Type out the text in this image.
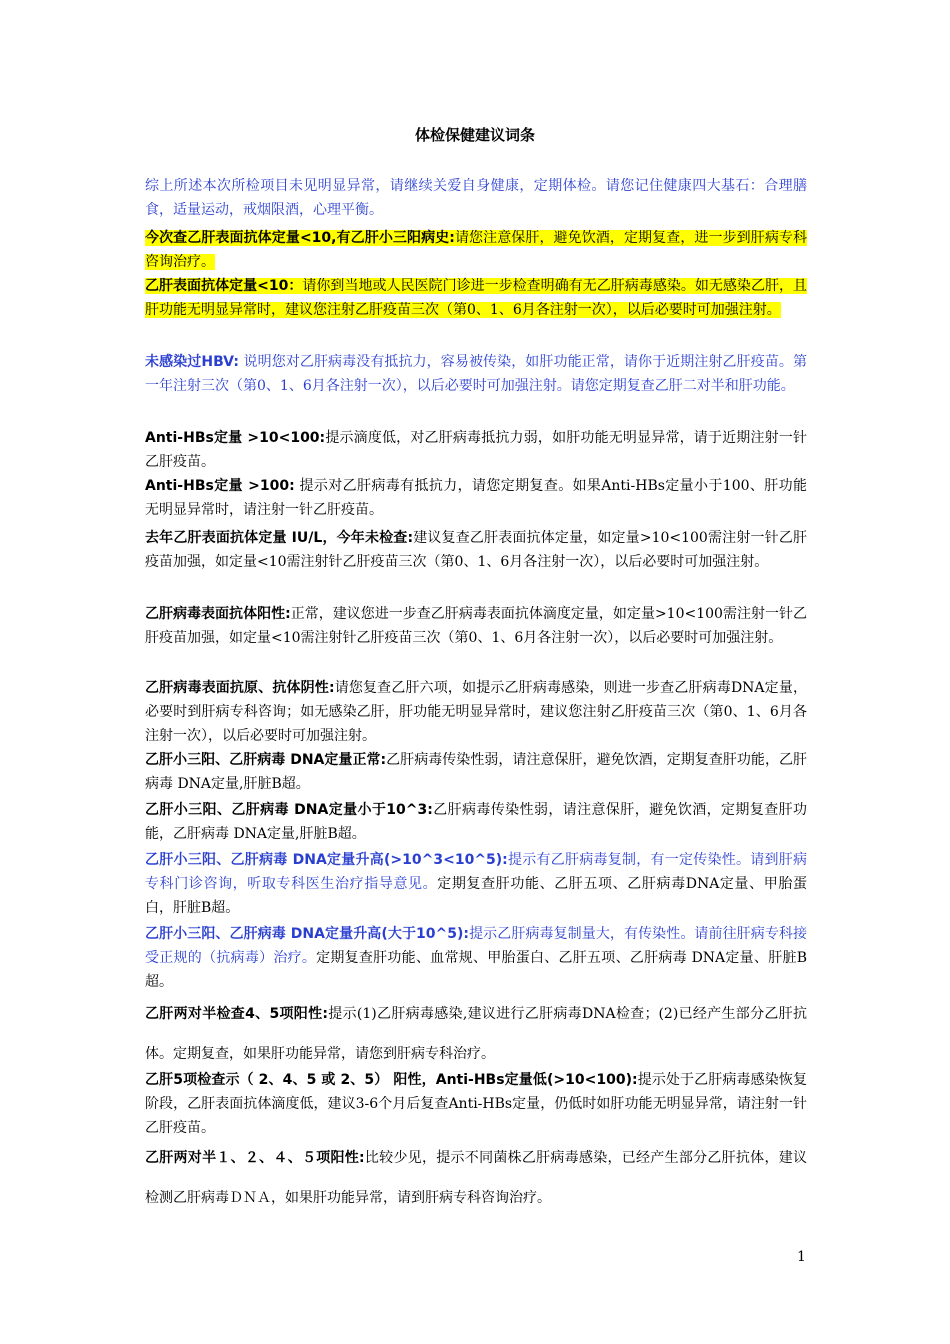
体检保健建议词条
综上所述本次所检项目未见明显异常，请继续关爱自身健康，定期体检。请您记住健康四大基石：合理膳食，适量运动，戒烟限酒，心理平衡。
今次查乙肝表面抗体定量<10,有乙肝小三阳病史:请您注意保肝，避免饮酒，定期复查，进一步到肝病专科咨询治疗。
乙肝表面抗体定量<10：请你到当地或人民医院门诊进一步检查明确有无乙肝病毒感染。如无感染乙肝，且肝功能无明显异常时，建议您注射乙肝疫苗三次（第0、1、6月各注射一次），以后必要时可加强注射。
未感染过HBV: 说明您对乙肝病毒没有抵抗力，容易被传染，如肝功能正常，请你于近期注射乙肝疫苗。第一年注射三次（第0、1、6月各注射一次），以后必要时可加强注射。请您定期复查乙肝二对半和肝功能。
Anti-HBs定量 >10<100:提示滴度低，对乙肝病毒抵抗力弱，如肝功能无明显异常，请于近期注射一针乙肝疫苗。
Anti-HBs定量 >100: 提示对乙肝病毒有抵抗力，请您定期复查。如果Anti-HBs定量小于100、肝功能无明显异常时，请注射一针乙肝疫苗。
去年乙肝表面抗体定量 IU/L，今年未检查:建议复查乙肝表面抗体定量，如定量>10<100需注射一针乙肝疫苗加强，如定量<10需注射针乙肝疫苗三次（第0、1、6月各注射一次），以后必要时可加强注射。
乙肝病毒表面抗体阳性:正常，建议您进一步查乙肝病毒表面抗体滴度定量，如定量>10<100需注射一针乙肝疫苗加强，如定量<10需注射针乙肝疫苗三次（第0、1、6月各注射一次），以后必要时可加强注射。
乙肝病毒表面抗原、抗体阴性:请您复查乙肝六项，如提示乙肝病毒感染，则进一步查乙肝病毒DNA定量，必要时到肝病专科咨询；如无感染乙肝，肝功能无明显异常时，建议您注射乙肝疫苗三次（第0、1、6月各注射一次），以后必要时可加强注射。
乙肝小三阳、乙肝病毒 DNA定量正常:乙肝病毒传染性弱，请注意保肝，避免饮酒，定期复查肝功能，乙肝病毒 DNA定量,肝脏B超。
乙肝小三阳、乙肝病毒 DNA定量小于10^3:乙肝病毒传染性弱，请注意保肝，避免饮酒，定期复查肝功能，乙肝病毒 DNA定量,肝脏B超。
乙肝小三阳、乙肝病毒 DNA定量升高(>10^3<10^5):提示有乙肝病毒复制，有一定传染性。请到肝病专科门诊咨询，听取专科医生治疗指导意见。定期复查肝功能、乙肝五项、乙肝病毒DNA定量、甲胎蛋白，肝脏B超。
乙肝小三阳、乙肝病毒 DNA定量升高(大于10^5):提示乙肝病毒复制量大，有传染性。请前往肝病专科接受正规的（抗病毒）治疗。定期复查肝功能、血常规、甲胎蛋白、乙肝五项、乙肝病毒 DNA定量、肝脏B超。
乙肝两对半检查4、5项阳性:提示(1)乙肝病毒感染,建议进行乙肝病毒DNA检查；(2)已经产生部分乙肝抗体。定期复查，如果肝功能异常，请您到肝病专科治疗。
乙肝5项检查示（ 2、4、5 或 2、5） 阳性，Anti-HBs定量低(>10<100):提示处于乙肝病毒感染恢复阶段，乙肝表面抗体滴度低，建议3-6个月后复查Anti-HBs定量，仍低时如肝功能无明显异常，请注射一针乙肝疫苗。
乙肝两对半１、２、４、５项阳性:比较少见，提示不同菌株乙肝病毒感染，已经产生部分乙肝抗体，建议检测乙肝病毒ＤＮＡ，如果肝功能异常，请到肝病专科咨询治疗。
1
